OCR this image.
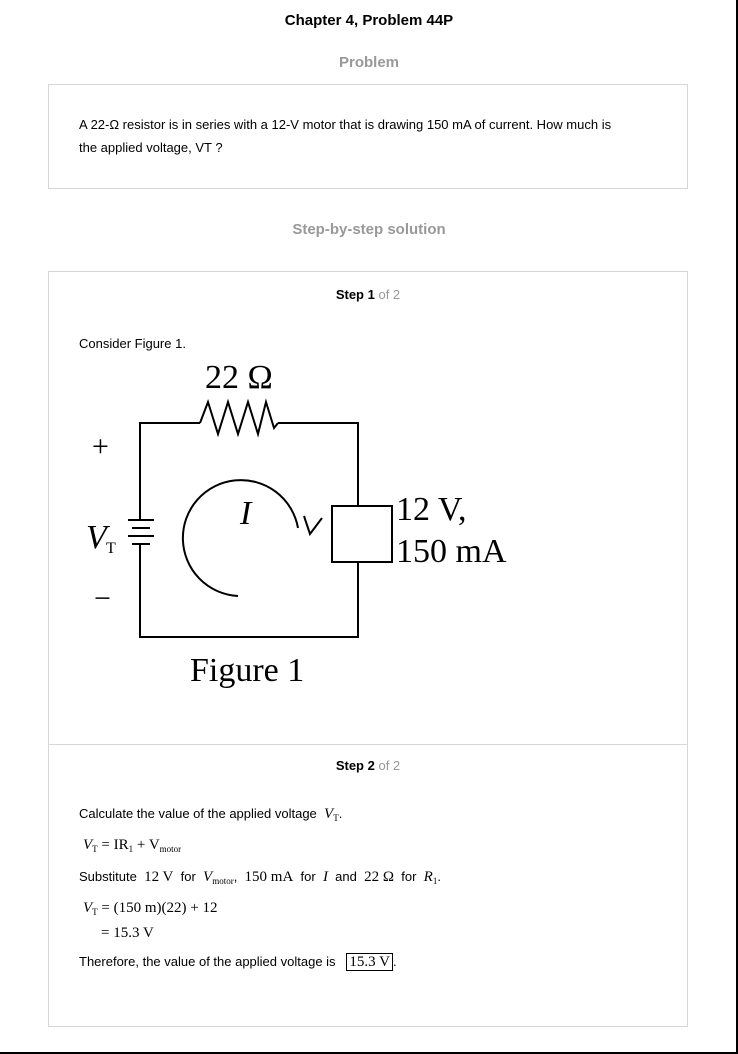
Chapter 4, Problem 44P
Problem
A 22-Ω resistor is in series with a 12-V motor that is drawing 150 mA of current. How much is
the applied voltage, VT ?
Step-by-step solution
Step 1 of 2
Consider Figure 1.
Step 2 of 2
Calculate the value of the applied voltage $V_T$.
$V_T = IR_1 + V_{motor}$
Substitute 12 V for $V_{motor}$, 150 mA for I and 22 Ω for $R_1$.
$V_T = (150$ m)(22) + 12
= 15.3 V
Therefore, the value of the applied voltage is 15.3 V .
22 Ω
+
−
V T
I	12 V,
150 mA
Figure 1
